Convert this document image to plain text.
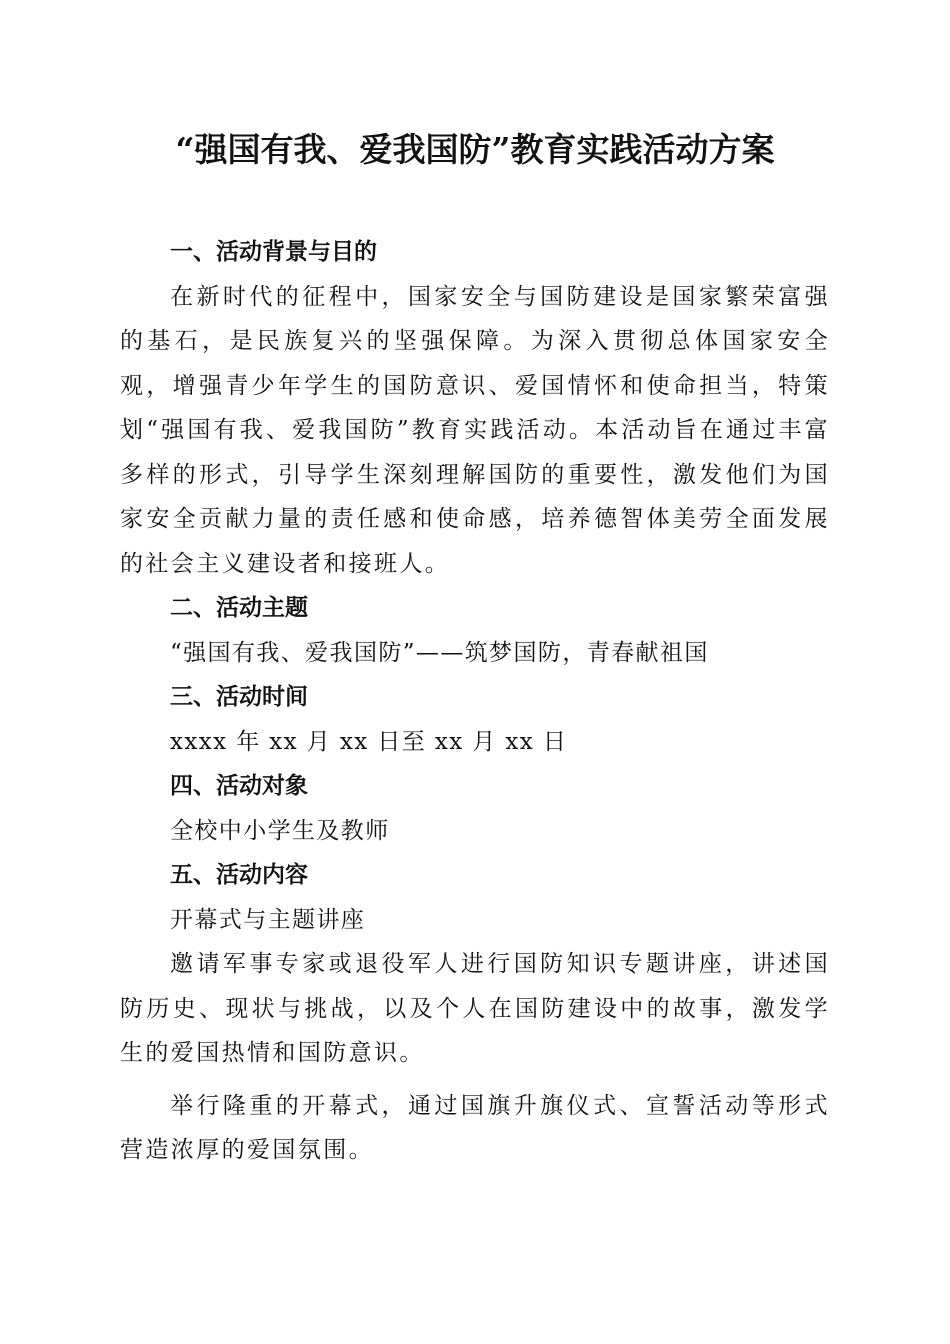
“强国有我、爱我国防”教育实践活动方案
一、活动背景与目的

在新时代的征程中，国家安全与国防建设是国家繁荣富强的基石，是民族复兴的坚强保障。为深入贯彻总体国家安全观，增强青少年学生的国防意识、爱国情怀和使命担当，特策划“强国有我、爱我国防”教育实践活动。本活动旨在通过丰富多样的形式，引导学生深刻理解国防的重要性，激发他们为国家安全贡献力量的责任感和使命感，培养德智体美劳全面发展的社会主义建设者和接班人。

二、活动主题
“强国有我、爱我国防”——筑梦国防，青春献祖国
三、活动时间
xxxx 年 xx 月 xx 日至 xx 月 xx 日
四、活动对象
全校中小学生及教师
五、活动内容
开幕式与主题讲座

邀请军事专家或退役军人进行国防知识专题讲座，讲述国防历史、现状与挑战，以及个人在国防建设中的故事，激发学生的爱国热情和国防意识。

举行隆重的开幕式，通过国旗升旗仪式、宣誓活动等形式营造浓厚的爱国氛围。
